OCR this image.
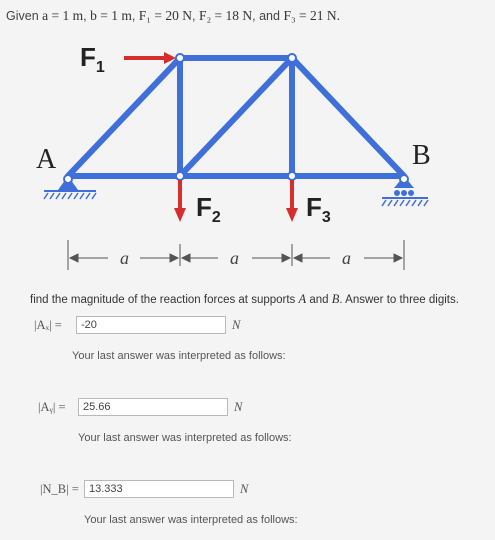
Given a = 1 m, b = 1 m, F₁ = 20 N, F₂ = 18 N, and F₃ = 21 N.
$F_1$
$F_2$	$F_3$
A	B
a	a	a
find the magnitude of the reaction forces at supports A and B. Answer to three digits.
|Aₓ| =
-20	N
Your last answer was interpreted as follows:
|Aᵧ| =
25.66	N
Your last answer was interpreted as follows:
|N_B| =
13.333	N
Your last answer was interpreted as follows:
